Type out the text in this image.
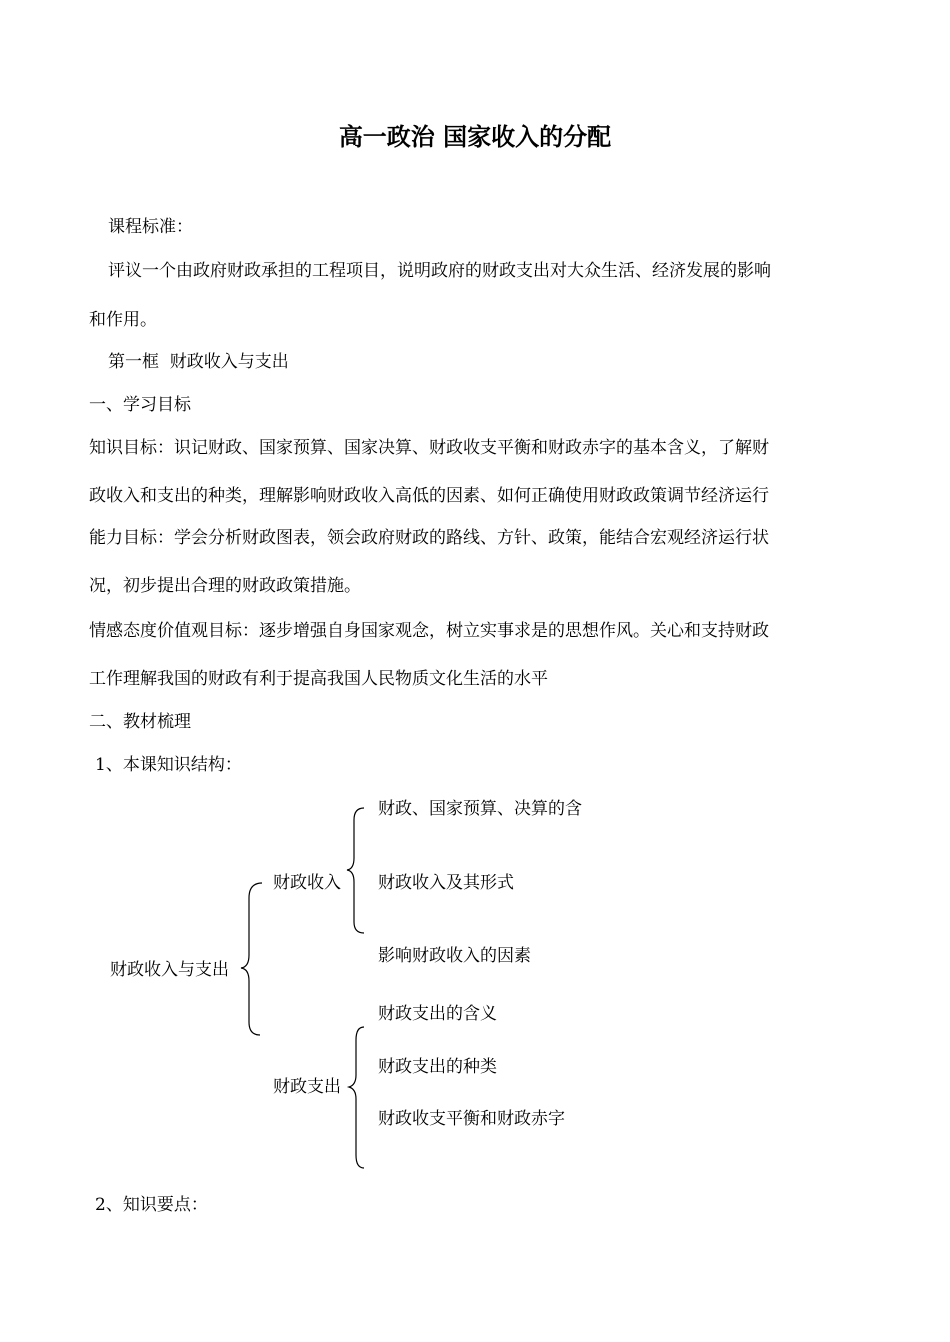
高一政治 国家收入的分配
课程标准：
评议一个由政府财政承担的工程项目，说明政府的财政支出对大众生活、经济发展的影响
和作用。
第一框  财政收入与支出
一、学习目标
知识目标：识记财政、国家预算、国家决算、财政收支平衡和财政赤字的基本含义，了解财
政收入和支出的种类，理解影响财政收入高低的因素、如何正确使用财政政策调节经济运行
能力目标：学会分析财政图表，领会政府财政的路线、方针、政策，能结合宏观经济运行状
况，初步提出合理的财政政策措施。
情感态度价值观目标：逐步增强自身国家观念，树立实事求是的思想作风。关心和支持财政
工作理解我国的财政有利于提高我国人民物质文化生活的水平
二、教材梳理
1、本课知识结构：
财政收入与支出
财政收入
财政、国家预算、决算的含
财政收入及其形式
影响财政收入的因素
财政支出
财政支出的含义
财政支出的种类
财政收支平衡和财政赤字
2、知识要点：
